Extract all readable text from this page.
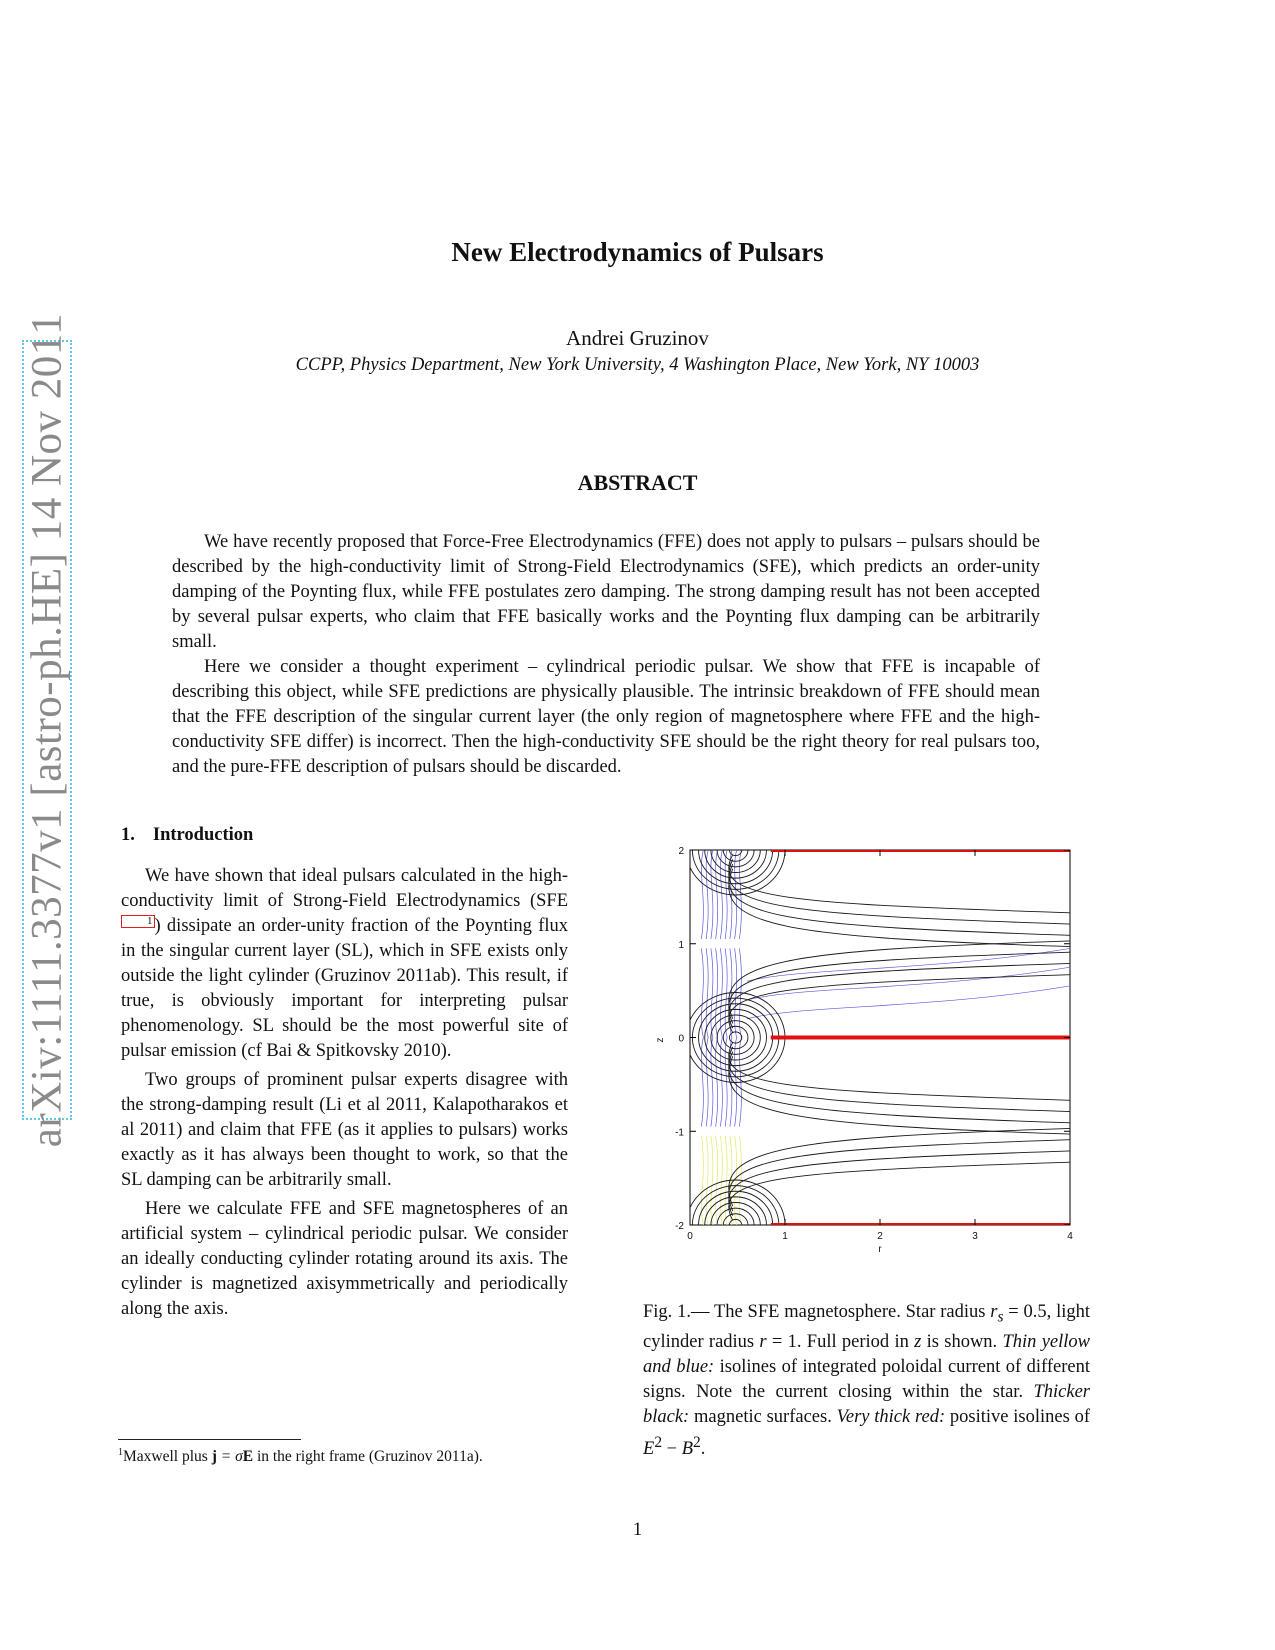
arXiv:1111.3377v1 [astro-ph.HE] 14 Nov 2011
New Electrodynamics of Pulsars
Andrei Gruzinov
CCPP, Physics Department, New York University, 4 Washington Place, New York, NY 10003
ABSTRACT

We have recently proposed that Force-Free Electrodynamics (FFE) does not apply to pulsars – pulsars should be described by the high-conductivity limit of Strong-Field Electrodynamics (SFE), which predicts an order-unity damping of the Poynting flux, while FFE postulates zero damping. The strong damping result has not been accepted by several pulsar experts, who claim that FFE basically works and the Poynting flux damping can be arbitrarily small.

Here we consider a thought experiment – cylindrical periodic pulsar. We show that FFE is incapable of describing this object, while SFE predictions are physically plausible. The intrinsic breakdown of FFE should mean that the FFE description of the singular current layer (the only region of magnetosphere where FFE and the high-conductivity SFE differ) is incorrect. Then the high-conductivity SFE should be the right theory for real pulsars too, and the pure-FFE description of pulsars should be discarded.

1. Introduction

We have shown that ideal pulsars calculated in the high-conductivity limit of Strong-Field Electrodynamics (SFE1 ) dissipate an order-unity fraction of the Poynting flux in the singular current layer (SL), which in SFE exists only outside the light cylinder (Gruzinov 2011ab). This result, if true, is obviously important for interpreting pulsar phenomenology. SL should be the most powerful site of pulsar emission (cf Bai & Spitkovsky 2010).

Two groups of prominent pulsar experts disagree with the strong-damping result (Li et al 2011, Kalapotharakos et al 2011) and claim that FFE (as it applies to pulsars) works exactly as it has always been thought to work, so that the SL damping can be arbitrarily small.

Here we calculate FFE and SFE magnetospheres of an artificial system – cylindrical periodic pulsar. We consider an ideally conducting cylinder rotating around its axis. The cylinder is magnetized axisymmetrically and periodically along the axis.

$^1$Maxwell plus j = σE in the right frame (Gruzinov 2011a).
0	1	2	3	4
2
1
0
-1
-2
r
z
Fig. 1.— The SFE magnetosphere. Star radius $r_s = 0.5$, light cylinder radius r = 1. Full period in z is shown. Thin yellow and blue: isolines of integrated poloidal current of different signs. Note the current closing within the star. Thicker black: magnetic surfaces. Very thick red: positive isolines of $E^2 - B^2$.
1
